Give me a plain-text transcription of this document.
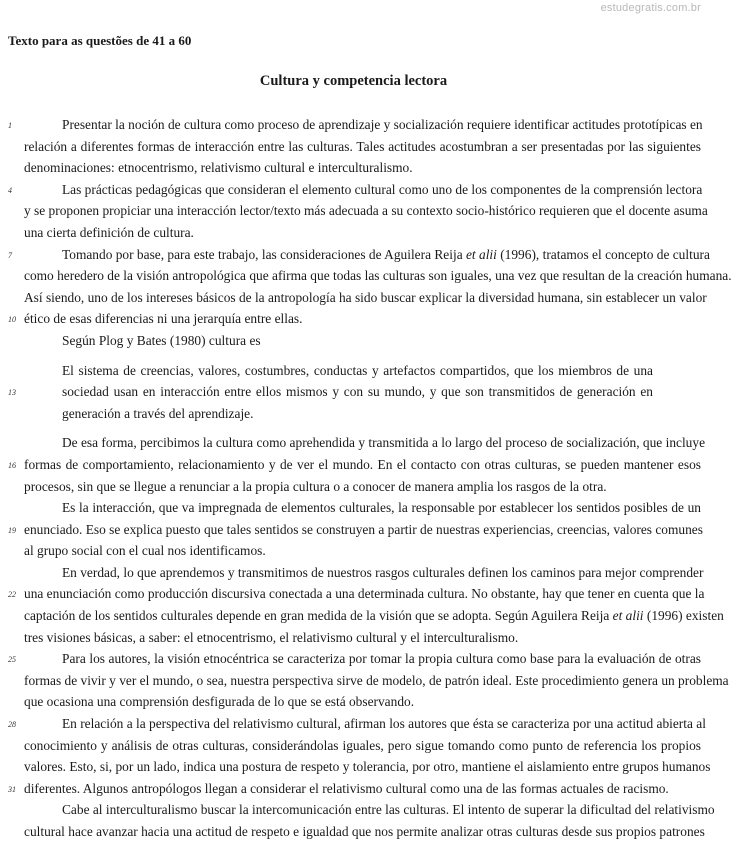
estudegratis.com.br
Texto para as questões de 41 a 60
Cultura y competencia lectora
1	Presentar la noción de cultura como proceso de aprendizaje y socialización requiere identificar actitudes prototípicas en
relación a diferentes formas de interacción entre las culturas. Tales actitudes acostumbran a ser presentadas por las siguientes
denominaciones: etnocentrismo, relativismo cultural e interculturalismo.
4	Las prácticas pedagógicas que consideran el elemento cultural como uno de los componentes de la comprensión lectora
y se proponen propiciar una interacción lector/texto más adecuada a su contexto socio-histórico requieren que el docente asuma
una cierta definición de cultura.
7	Tomando por base, para este trabajo, las consideraciones de Aguilera Reija et alii (1996), tratamos el concepto de cultura
como heredero de la visión antropológica que afirma que todas las culturas son iguales, una vez que resultan de la creación humana.
Así siendo, uno de los intereses básicos de la antropología ha sido buscar explicar la diversidad humana, sin establecer un valor
10 ético de esas diferencias ni una jerarquía entre ellas.
Según Plog y Bates (1980) cultura es
El sistema de creencias, valores, costumbres, conductas y artefactos compartidos, que los miembros de una
13	sociedad usan en interacción entre ellos mismos y con su mundo, y que son transmitidos de generación en
generación a través del aprendizaje.
De esa forma, percibimos la cultura como aprehendida y transmitida a lo largo del proceso de socialización, que incluye
16 formas de comportamiento, relacionamiento y de ver el mundo. En el contacto con otras culturas, se pueden mantener esos
procesos, sin que se llegue a renunciar a la propia cultura o a conocer de manera amplia los rasgos de la otra.
Es la interacción, que va impregnada de elementos culturales, la responsable por establecer los sentidos posibles de un
19 enunciado. Eso se explica puesto que tales sentidos se construyen a partir de nuestras experiencias, creencias, valores comunes
al grupo social con el cual nos identificamos.
En verdad, lo que aprendemos y transmitimos de nuestros rasgos culturales definen los caminos para mejor comprender
22 una enunciación como producción discursiva conectada a una determinada cultura. No obstante, hay que tener en cuenta que la
captación de los sentidos culturales depende en gran medida de la visión que se adopta. Según Aguilera Reija et alii (1996) existen
tres visiones básicas, a saber: el etnocentrismo, el relativismo cultural y el interculturalismo.
25	Para los autores, la visión etnocéntrica se caracteriza por tomar la propia cultura como base para la evaluación de otras
formas de vivir y ver el mundo, o sea, nuestra perspectiva sirve de modelo, de patrón ideal. Este procedimiento genera un problema
que ocasiona una comprensión desfigurada de lo que se está observando.
28	En relación a la perspectiva del relativismo cultural, afirman los autores que ésta se caracteriza por una actitud abierta al
conocimiento y análisis de otras culturas, considerándolas iguales, pero sigue tomando como punto de referencia los propios
valores. Esto, si, por un lado, indica una postura de respeto y tolerancia, por otro, mantiene el aislamiento entre grupos humanos
31 diferentes. Algunos antropólogos llegan a considerar el relativismo cultural como una de las formas actuales de racismo.
Cabe al interculturalismo buscar la intercomunicación entre las culturas. El intento de superar la dificultad del relativismo
cultural hace avanzar hacia una actitud de respeto e igualdad que nos permite analizar otras culturas desde sus propios patrones
